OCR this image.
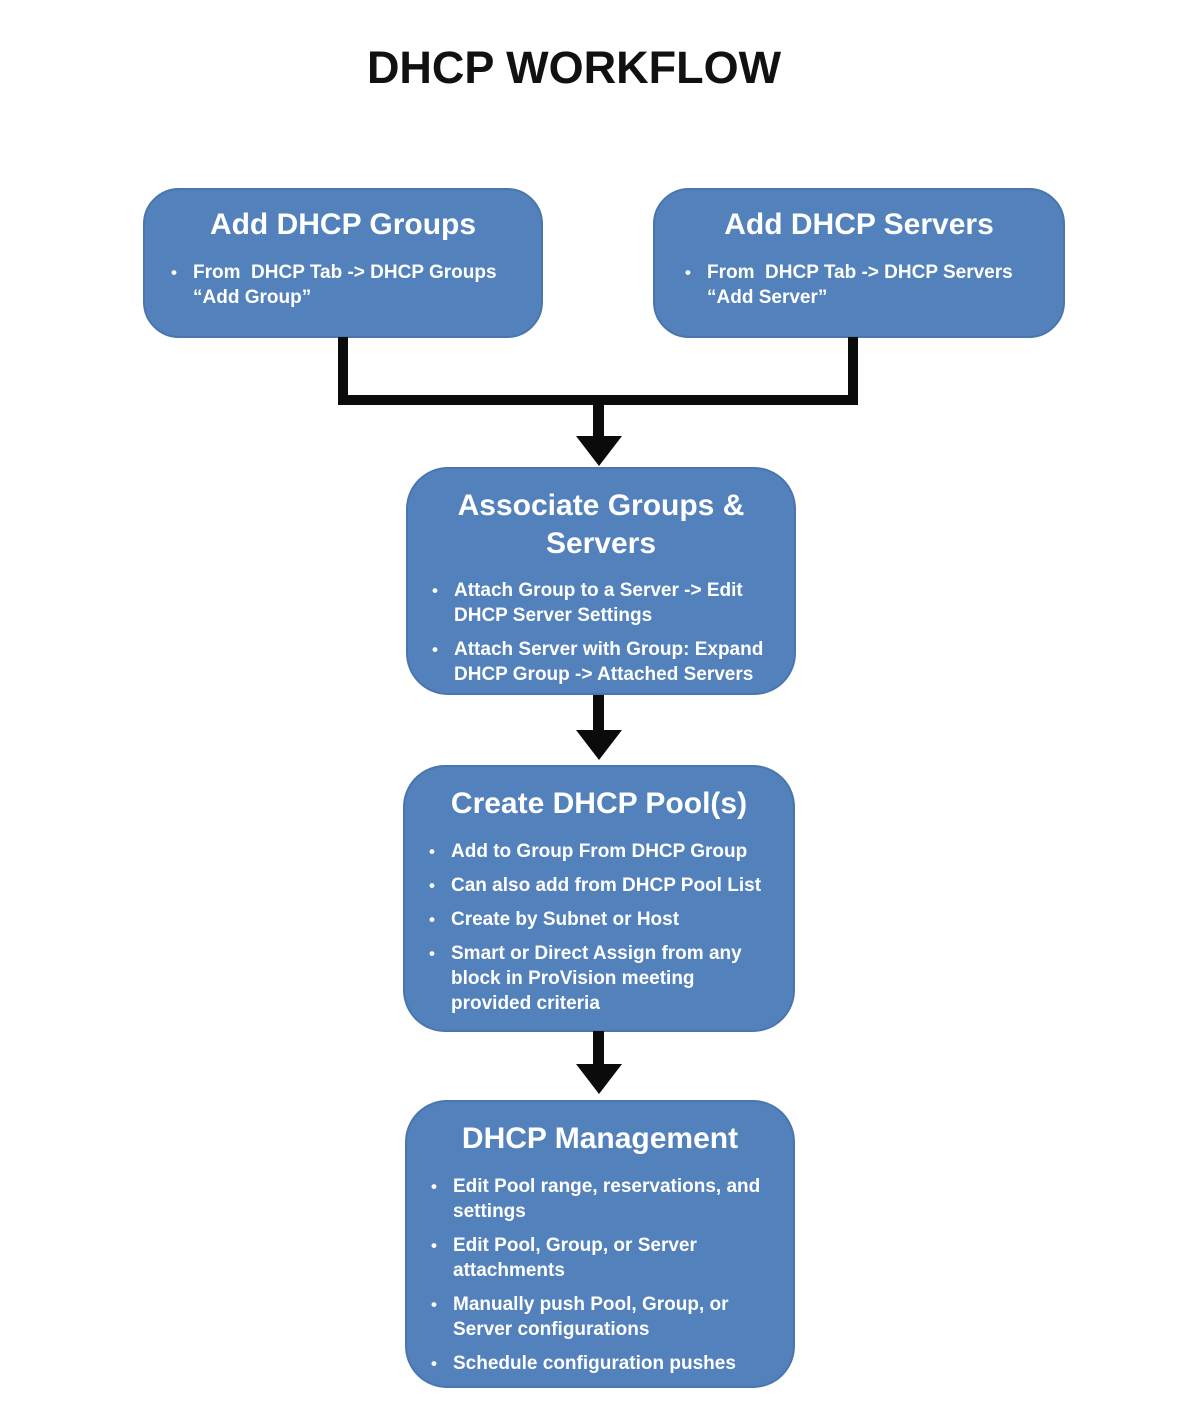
DHCP WORKFLOW
Add DHCP Groups
• From  DHCP Tab -> DHCP Groups “Add Group”
Add DHCP Servers
• From  DHCP Tab -> DHCP Servers “Add Server”
Associate Groups & Servers
• Attach Group to a Server -> Edit DHCP Server Settings
• Attach Server with Group: Expand DHCP Group -> Attached Servers
Create DHCP Pool(s)
• Add to Group From DHCP Group
• Can also add from DHCP Pool List
• Create by Subnet or Host
• Smart or Direct Assign from any block in ProVision meeting provided criteria
DHCP Management
• Edit Pool range, reservations, and settings
• Edit Pool, Group, or Server attachments
• Manually push Pool, Group, or Server configurations
• Schedule configuration pushes
